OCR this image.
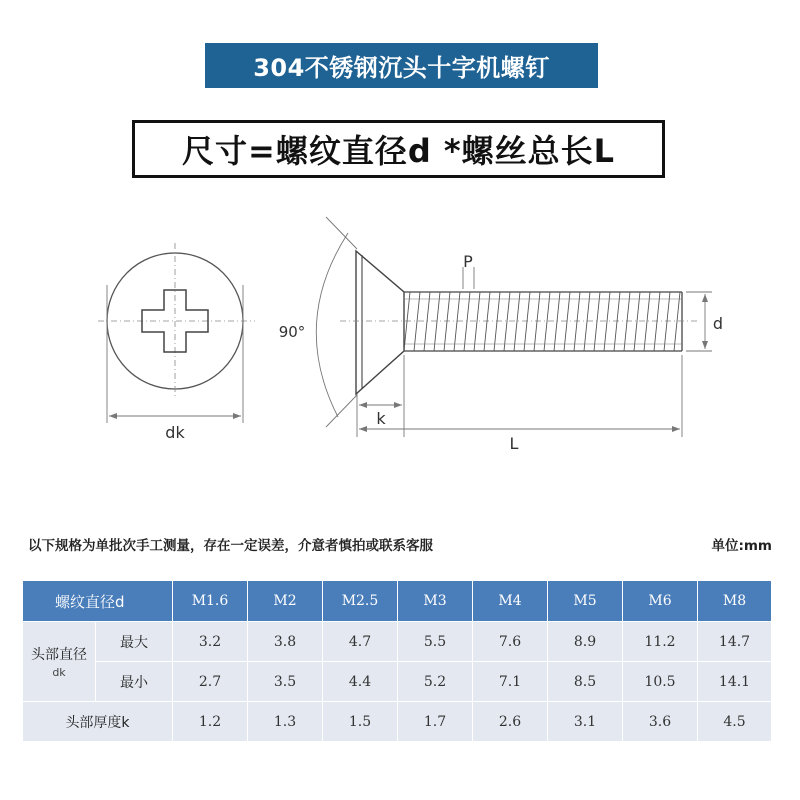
304不锈钢沉头十字机螺钉
尺寸=螺纹直径d *螺丝总长L
dk
90°
P
d
k
L
以下规格为单批次手工测量，存在一定误差，介意者慎拍或联系客服	单位:mm
螺纹直径d		M1.6	M2	M2.5	M3	M4	M5	M6	M8
头部直径
dk	最大	3.2	3.8	4.7	5.5	7.6	8.9	11.2	14.7
	最小	2.7	3.5	4.4	5.2	7.1	8.5	10.5	14.1
头部厚度k		1.2	1.3	1.5	1.7	2.6	3.1	3.6	4.5
